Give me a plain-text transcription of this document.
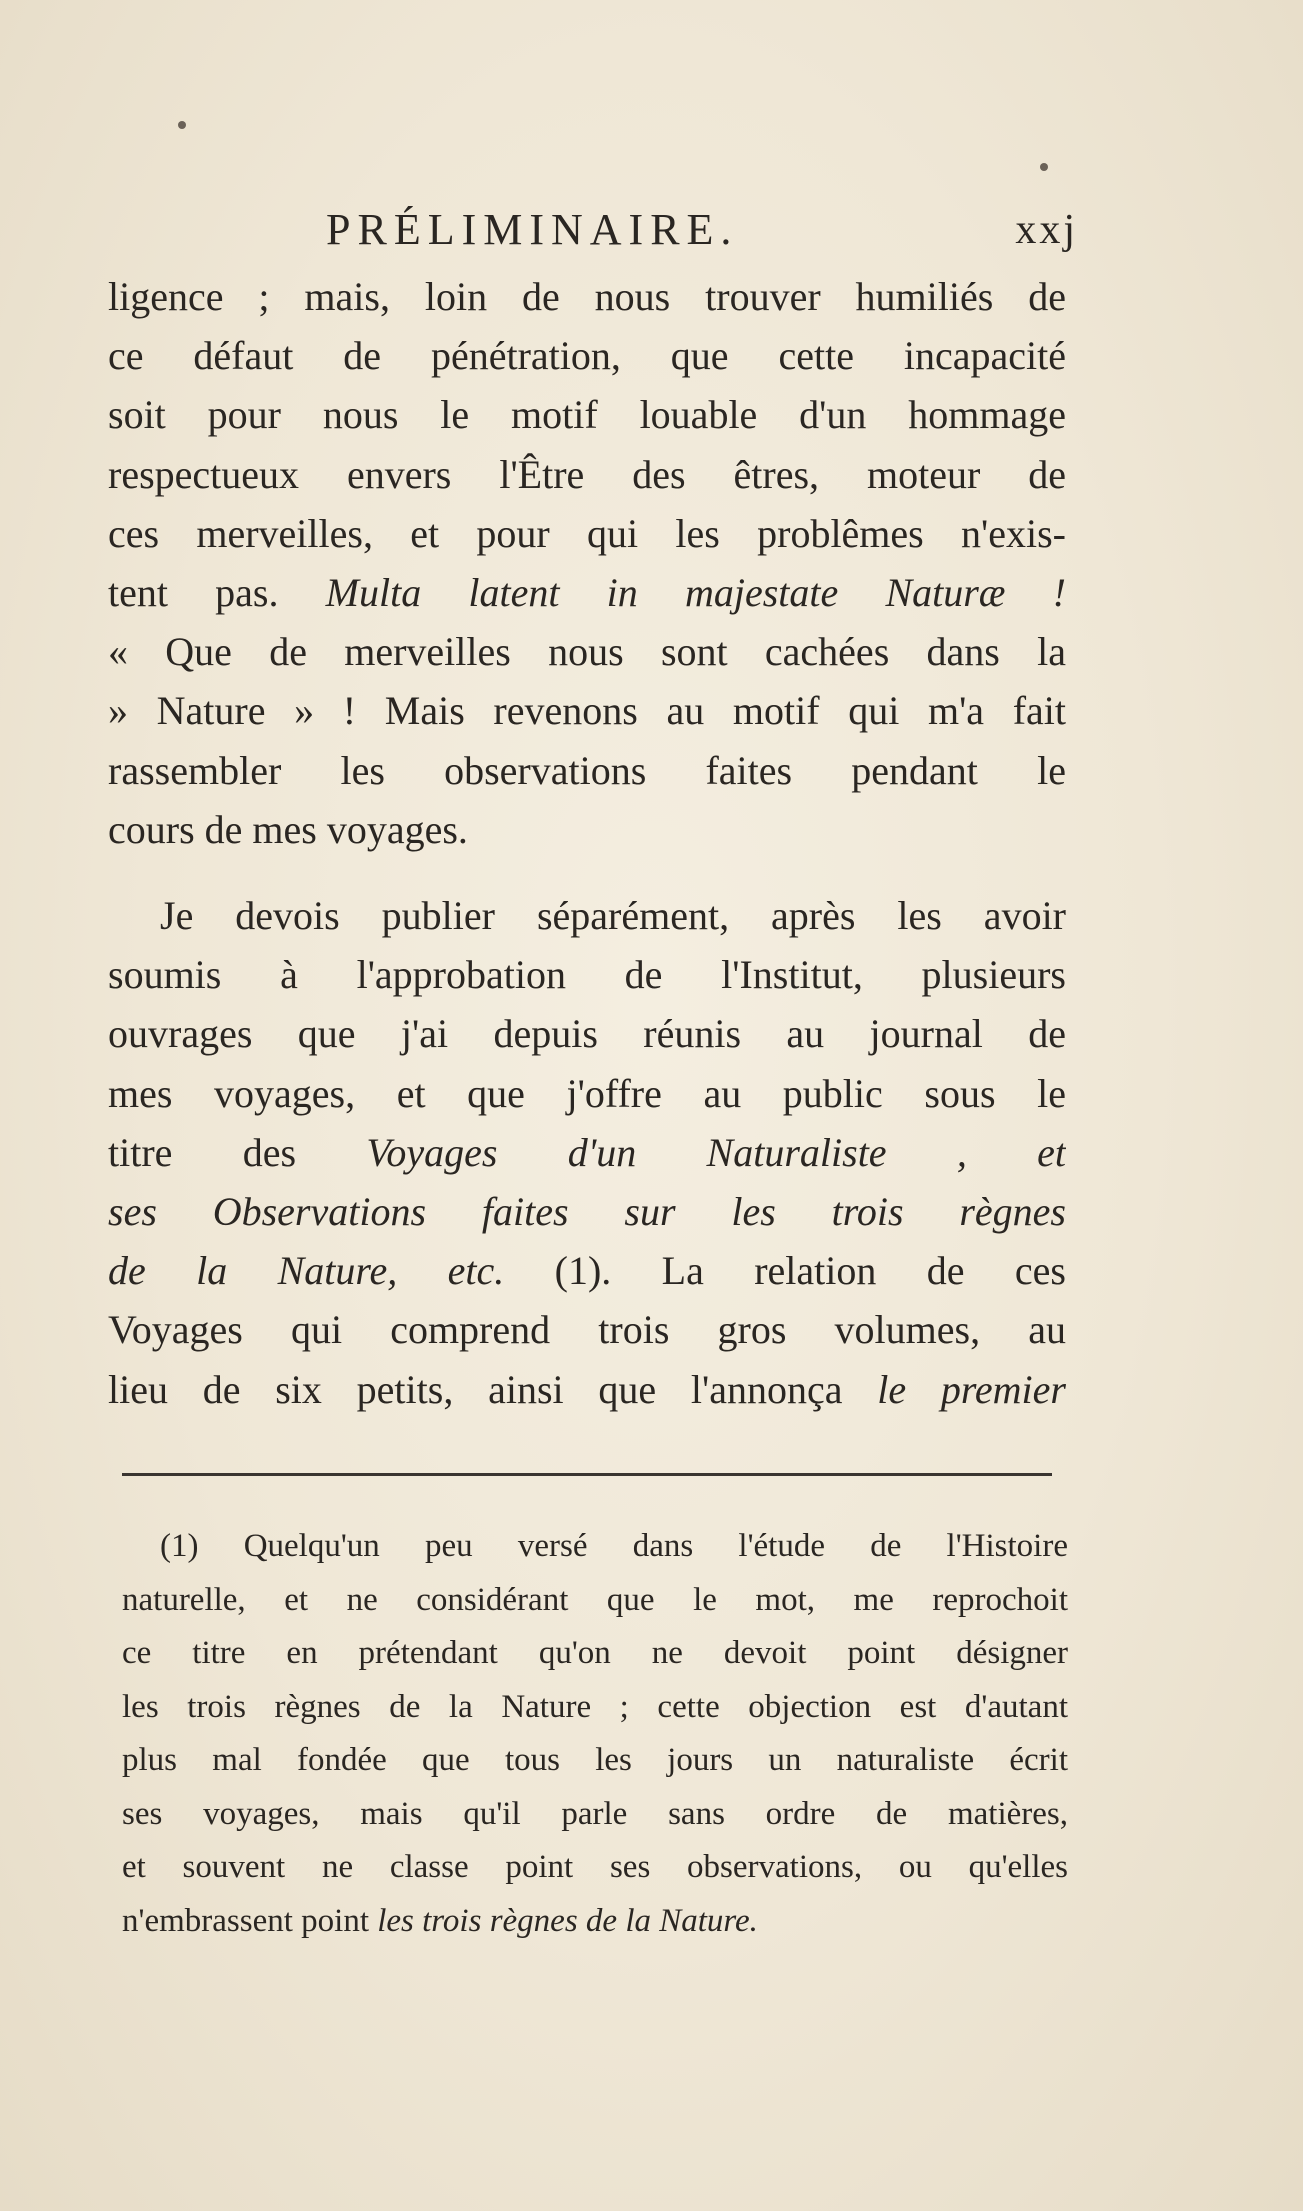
PRÉLIMINAIRE.	xxj
ligence ; mais, loin de nous trouver humiliés de
ce défaut de pénétration, que cette incapacité
soit pour nous le motif louable d'un hommage
respectueux envers l'Être des êtres, moteur de
ces merveilles, et pour qui les problêmes n'exis-
tent pas. Multa latent in majestate Naturæ !
« Que de merveilles nous sont cachées dans la
» Nature » ! Mais revenons au motif qui m'a fait
rassembler les observations faites pendant le
cours de mes voyages.
Je devois publier séparément, après les avoir
soumis à l'approbation de l'Institut, plusieurs
ouvrages que j'ai depuis réunis au journal de
mes voyages, et que j'offre au public sous le
titre des Voyages d'un Naturaliste , et
ses Observations faites sur les trois règnes
de la Nature, etc. (1). La relation de ces
Voyages qui comprend trois gros volumes, au
lieu de six petits, ainsi que l'annonça le premier
(1) Quelqu'un peu versé dans l'étude de l'Histoire
naturelle, et ne considérant que le mot, me reprochoit
ce titre en prétendant qu'on ne devoit point désigner
les trois règnes de la Nature ; cette objection est d'autant
plus mal fondée que tous les jours un naturaliste écrit
ses voyages, mais qu'il parle sans ordre de matières,
et souvent ne classe point ses observations, ou qu'elles
n'embrassent point les trois règnes de la Nature.
